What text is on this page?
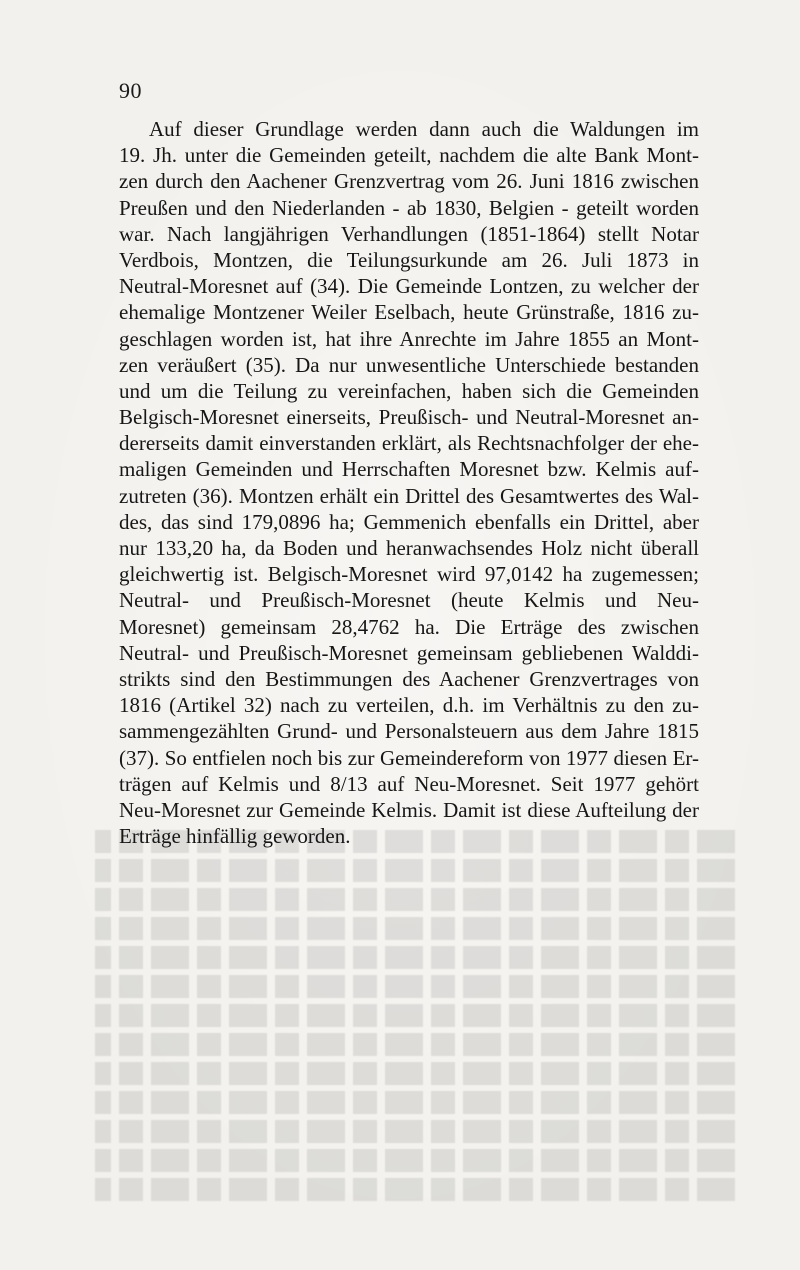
90
Auf dieser Grundlage werden dann auch die Waldungen im
19. Jh. unter die Gemeinden geteilt, nachdem die alte Bank Mont-
zen durch den Aachener Grenzvertrag vom 26. Juni 1816 zwischen
Preußen und den Niederlanden - ab 1830, Belgien - geteilt worden
war. Nach langjährigen Verhandlungen (1851-1864) stellt Notar
Verdbois, Montzen, die Teilungsurkunde am 26. Juli 1873 in
Neutral-Moresnet auf (34). Die Gemeinde Lontzen, zu welcher der
ehemalige Montzener Weiler Eselbach, heute Grünstraße, 1816 zu-
geschlagen worden ist, hat ihre Anrechte im Jahre 1855 an Mont-
zen veräußert (35). Da nur unwesentliche Unterschiede bestanden
und um die Teilung zu vereinfachen, haben sich die Gemeinden
Belgisch-Moresnet einerseits, Preußisch- und Neutral-Moresnet an-
dererseits damit einverstanden erklärt, als Rechtsnachfolger der ehe-
maligen Gemeinden und Herrschaften Moresnet bzw. Kelmis auf-
zutreten (36). Montzen erhält ein Drittel des Gesamtwertes des Wal-
des, das sind 179,0896 ha; Gemmenich ebenfalls ein Drittel, aber
nur 133,20 ha, da Boden und heranwachsendes Holz nicht überall
gleichwertig ist. Belgisch-Moresnet wird 97,0142 ha zugemessen;
Neutral- und Preußisch-Moresnet (heute Kelmis und Neu-
Moresnet) gemeinsam 28,4762 ha. Die Erträge des zwischen
Neutral- und Preußisch-Moresnet gemeinsam gebliebenen Walddi-
strikts sind den Bestimmungen des Aachener Grenzvertrages von
1816 (Artikel 32) nach zu verteilen, d.h. im Verhältnis zu den zu-
sammengezählten Grund- und Personalsteuern aus dem Jahre 1815
(37). So entfielen noch bis zur Gemeindereform von 1977 diesen Er-
trägen auf Kelmis und 8/13 auf Neu-Moresnet. Seit 1977 gehört
Neu-Moresnet zur Gemeinde Kelmis. Damit ist diese Aufteilung der
Erträge hinfällig geworden.
